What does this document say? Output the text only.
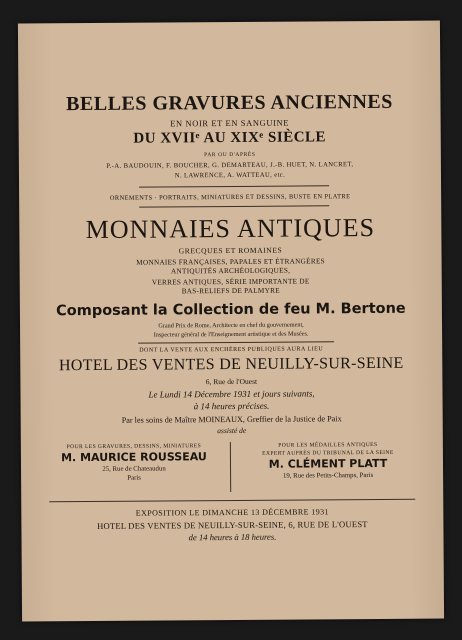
BELLES GRAVURES ANCIENNES
EN NOIR ET EN SANGUINE
DU XVIIᵉ AU XIXᵉ SIÈCLE
PAR OU D'APRÈS
P.-A. BAUDOUIN, F. BOUCHER, G. DEMARTEAU, J.-B. HUET, N. LANCRET,
N. LAWRENCE, A. WATTEAU, etc.
ORNEMENTS · PORTRAITS, MINIATURES ET DESSINS, BUSTE EN PLATRE
MONNAIES ANTIQUES
GRECQUES ET ROMAINES
MONNAIES FRANÇAISES, PAPALES ET ÉTRANGÈRES
ANTIQUITÉS ARCHÉOLOGIQUES,
VERRES ANTIQUES, SÉRIE IMPORTANTE DE
BAS-RELIEFS DE PALMYRE
Composant la Collection de feu M. Bertone
Grand Prix de Rome, Architecte en chef du gouvernement,
Inspecteur général de l'Enseignement artistique et des Musées.
DONT LA VENTE AUX ENCHÈRES PUBLIQUES AURA LIEU
HOTEL DES VENTES DE NEUILLY-SUR-SEINE
6, Rue de l'Ouest
Le Lundi 14 Décembre 1931 et jours suivants,
à 14 heures précises.
Par les soins de Maître MOINEAUX, Greffier de la Justice de Paix
assisté de
POUR LES GRAVURES, DESSINS, MINIATURES
M. MAURICE ROUSSEAU
25, Rue de Chateaudun
Paris
POUR LES MÉDAILLES ANTIQUES
EXPERT AUPRÈS DU TRIBUNAL DE LA SEINE
M. CLÉMENT PLATT
19, Rue des Petits-Champs, Paris
EXPOSITION LE DIMANCHE 13 DÉCEMBRE 1931
HOTEL DES VENTES DE NEUILLY-SUR-SEINE, 6, RUE DE L'OUEST
de 14 heures à 18 heures.
